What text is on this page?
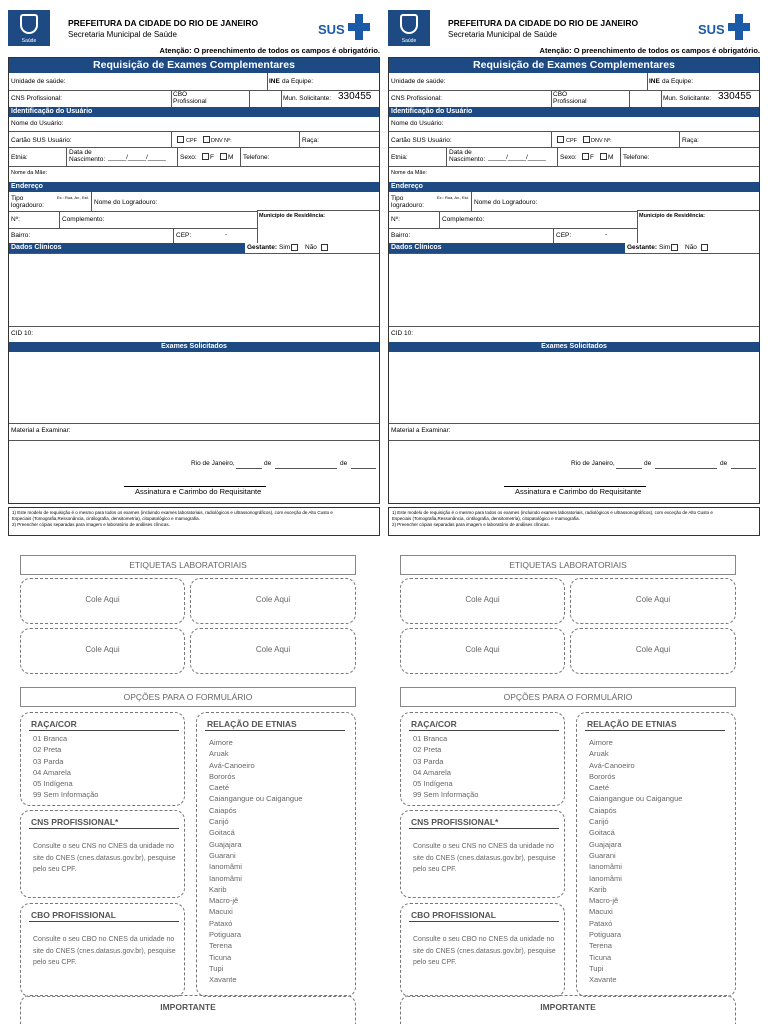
Saúde
PREFEITURA DA CIDADE DO RIO DE JANEIRO
Secretaria Municipal de Saúde	SUS
Atenção: O preenchimento de todos os campos é obrigatório.
Requisição de Exames Complementares
Unidade de saúde:	INE da Equipe:
CNS Profissional:
CBO
Profissional	Mun. Solicitante: 330455
Identificação do Usuário
Nome do Usuário:
Cartão SUS Usuário:	CPF	DNV Nº:	Raça:
Etnia:
Data de
Nascimento: _____/_____/_____ Sexo: F M Telefone:
Nome da Mãe:
Endereço
Tipo
logradouro:
Ex.: Rua, Av., Est.
Nome do Logradouro:
Nº:	Complemento:	Município de Residência:
Bairro:	CEP:	-
Dados Clínicos	Gestante: Sim Não
CID 10:
Exames Solicitados
Material a Examinar:
Rio de Janeiro,	de	de
Assinatura e Carimbo do Requisitante
1) Este modelo de requisição é o mesmo para todos os exames (incluindo exames laboratoriais, radiológicos e ultrassonográficos), com exceção de Alto Custo e
Especiais (Tomografia,Ressonância, cintilografia, densitometria), citopatológico e mamografia.
2) Preencher cópias separadas para imagem e laboratório de análises clínicas.
ETIQUETAS LABORATORIAIS
Cole Aqui	Cole Aqui
Cole Aqui	Cole Aqui
OPÇÕES PARA O FORMULÁRIO
RAÇA/COR
01 Branca
02 Preta
03 Parda
04 Amarela
05 Indígena
99 Sem Informação
CNS PROFISSIONAL*
Consulte o seu CNS no CNES da unidade no site do CNES (cnes.datasus.gov.br), pesquise pelo seu CPF.
CBO PROFISSIONAL
Consulte o seu CBO no CNES da unidade no site do CNES (cnes.datasus.gov.br), pesquise pelo seu CPF.
RELAÇÃO DE ETNIAS
Aimore
Aruak
Avá-Canoeiro
Bororós
Caeté
Caiangangue ou Caigangue
Caiapós
Carijó
Goitacá
Guajajara
Guarani
Ianomâmi
Ianomâmi
Karib
Macro-jê
Macuxi
Pataxó
Potiguara
Terena
Ticuna
Tupi
Xavante
IMPORTANTE
Saúde
PREFEITURA DA CIDADE DO RIO DE JANEIRO
Secretaria Municipal de Saúde	SUS
Atenção: O preenchimento de todos os campos é obrigatório.
Requisição de Exames Complementares
Unidade de saúde:	INE da Equipe:
CNS Profissional:
CBO
Profissional	Mun. Solicitante: 330455
Identificação do Usuário
Nome do Usuário:
Cartão SUS Usuário:	CPF	DNV Nº:	Raça:
Etnia:
Data de
Nascimento: _____/_____/_____ Sexo: F M Telefone:
Nome da Mãe:
Endereço
Tipo
logradouro:
Ex.: Rua, Av., Est.
Nome do Logradouro:
Nº:	Complemento:	Município de Residência:
Bairro:	CEP:	-
Dados Clínicos	Gestante: Sim Não
CID 10:
Exames Solicitados
Material a Examinar:
Rio de Janeiro,	de	de
Assinatura e Carimbo do Requisitante
1) Este modelo de requisição é o mesmo para todos os exames (incluindo exames laboratoriais, radiológicos e ultrassonográficos), com exceção de Alto Custo e
Especiais (Tomografia,Ressonância, cintilografia, densitometria), citopatológico e mamografia.
2) Preencher cópias separadas para imagem e laboratório de análises clínicas.
ETIQUETAS LABORATORIAIS
Cole Aqui	Cole Aqui
Cole Aqui	Cole Aqui
OPÇÕES PARA O FORMULÁRIO
RAÇA/COR
01 Branca
02 Preta
03 Parda
04 Amarela
05 Indígena
99 Sem Informação
CNS PROFISSIONAL*
Consulte o seu CNS no CNES da unidade no site do CNES (cnes.datasus.gov.br), pesquise pelo seu CPF.
CBO PROFISSIONAL
Consulte o seu CBO no CNES da unidade no site do CNES (cnes.datasus.gov.br), pesquise pelo seu CPF.
RELAÇÃO DE ETNIAS
Aimore
Aruak
Avá-Canoeiro
Bororós
Caeté
Caiangangue ou Caigangue
Caiapós
Carijó
Goitacá
Guajajara
Guarani
Ianomâmi
Ianomâmi
Karib
Macro-jê
Macuxi
Pataxó
Potiguara
Terena
Ticuna
Tupi
Xavante
IMPORTANTE
